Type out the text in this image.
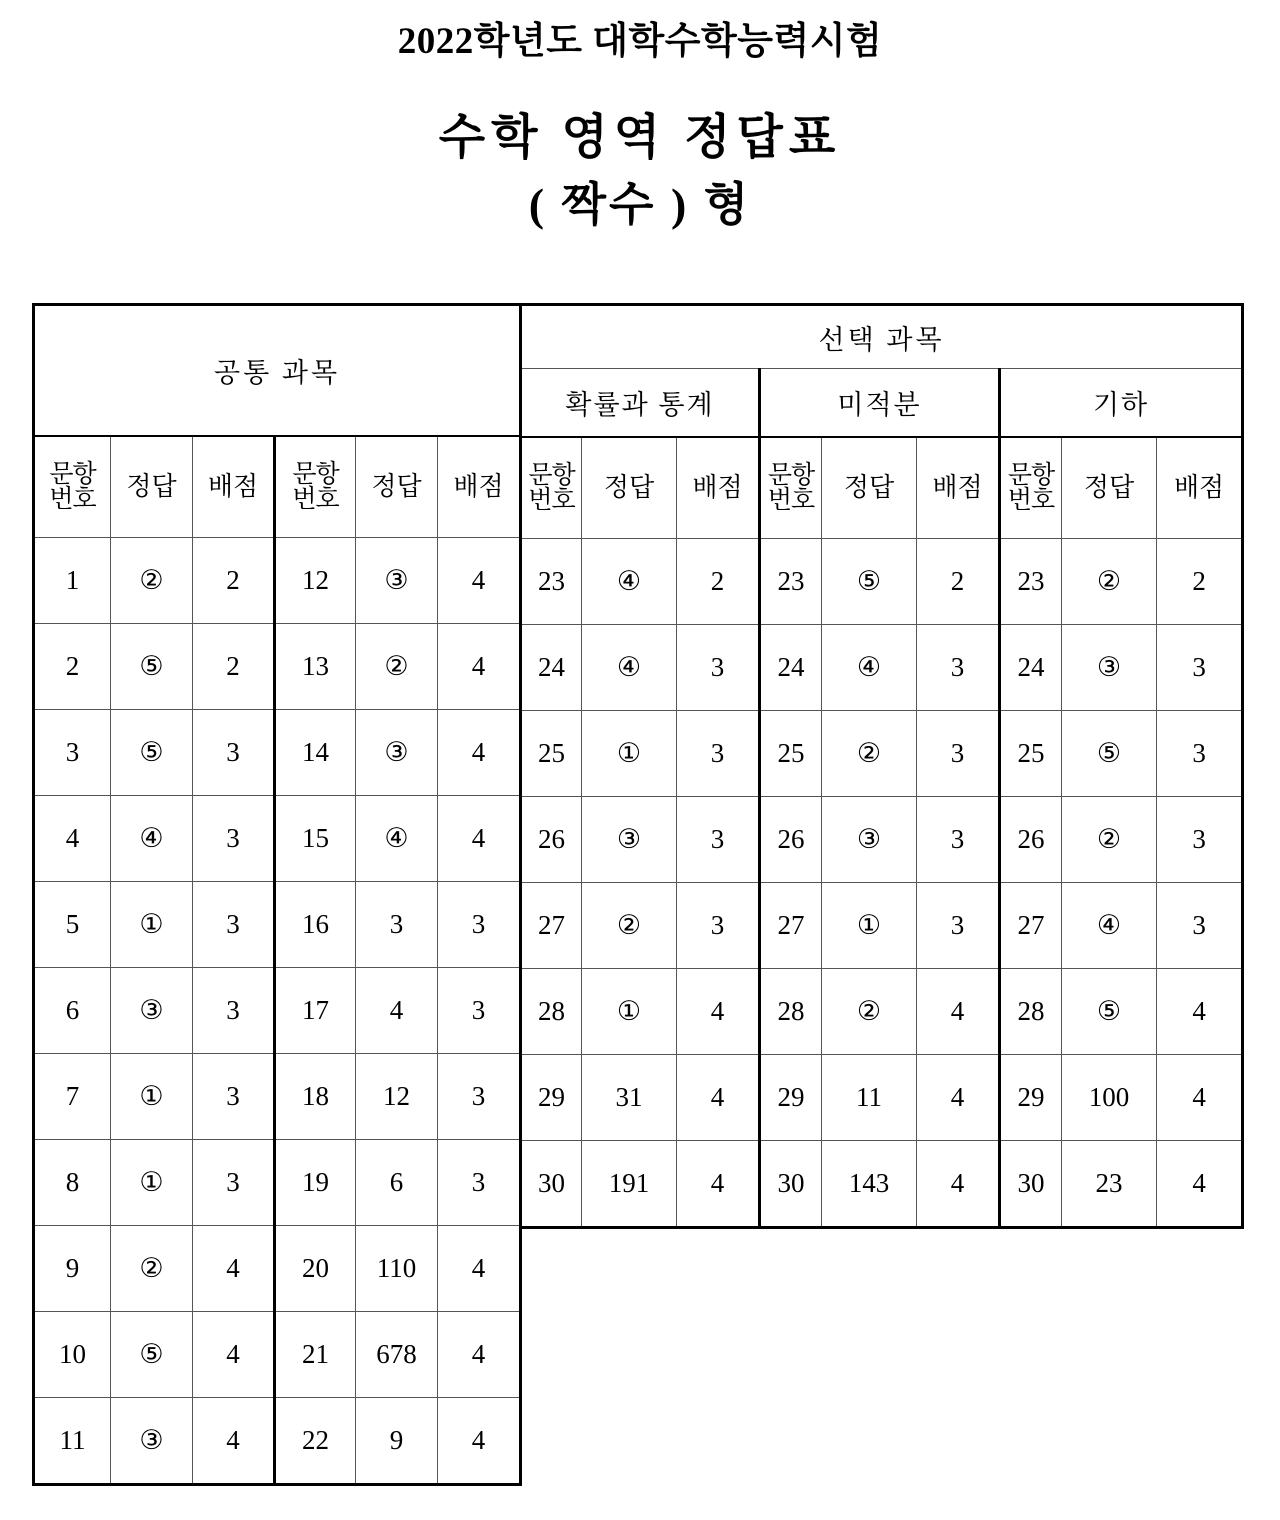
2022학년도 대학수학능력시험
수학 영역 정답표
( 짝수 ) 형
공통 과목					
문항
번호	정답	배점	문항
번호	정답	배점
1	②	2	12	③	4
2	⑤	2	13	②	4
3	⑤	3	14	③	4
4	④	3	15	④	4
5	①	3	16	3	3
6	③	3	17	4	3
7	①	3	18	12	3
8	①	3	19	6	3
9	②	4	20	110	4
10	⑤	4	21	678	4
11	③	4	22	9	4
선택 과목								
확률과 통계			미적분			기하		
문항
번호	정답	배점	문항
번호	정답	배점	문항
번호	정답	배점
23	④	2	23	⑤	2	23	②	2
24	④	3	24	④	3	24	③	3
25	①	3	25	②	3	25	⑤	3
26	③	3	26	③	3	26	②	3
27	②	3	27	①	3	27	④	3
28	①	4	28	②	4	28	⑤	4
29	31	4	29	11	4	29	100	4
30	191	4	30	143	4	30	23	4
